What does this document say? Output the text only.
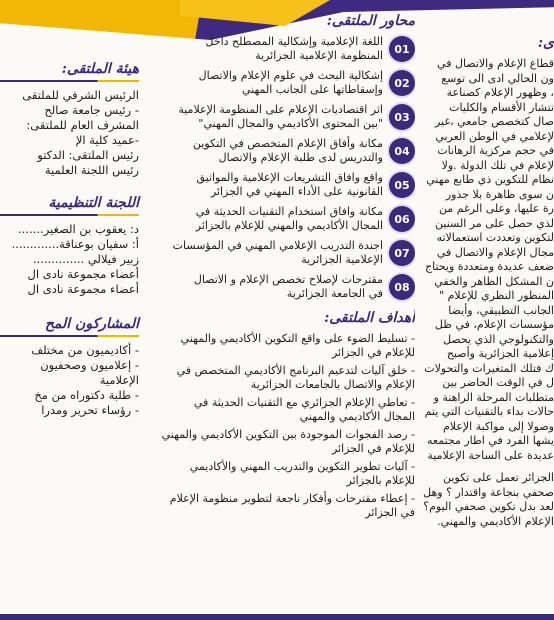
هيئة الملتقى:
الرئيس الشرفي للملتقى
- رئيس جامعة صالح
المشرف العام للملتقى:
-عميد كلية الإ
رئيس الملتقى: الدكتو
رئيس اللجنة العلمية
اللجنة التنظيمية
د: يعقوب بن الصغير.......
أ: سفيان بوعناقة.............
زبير فيلالي ..............
أعضاء مجموعة نادى ال
أعضاء مجموعة نادى ال
المشاركون المح
- أكاديميون من مختلف
- إعلاميون وصحفيون
الإعلامية
- طلبة دكتوراه من مخ
- رؤساء تحرير ومدرا
محاور الملتقى:
01
اللغة الإعلامية وإشكالية المصطلح داخل
المنظومة الإعلامية الجزائرية
02
إشكالية البحث في علوم الإعلام والاتصال
وإسقاطاتها على الجانب المهني
03
اثر اقتصاديات الإعلام على المنظومة الإعلامية
"بين المحتوى الأكاديمي والمجال المهني"
04
مكانة وأفاق الإعلام المتخصص في التكوين
والتدريس لدى طلبة الإعلام والاتصال
05
واقع وافاق التشريعات الإعلامية والمواثيق
القانونية على الأداء المهني في الجزائر
06
مكانة وافاق استخدام التقنيات الحديثة في
المجال الأكاديمي والمهني للإعلام بالجزائر
07
اجندة التدريب الإعلامي المهني في المؤسسات
الإعلامية الجزائرية
08
مقترحات لإصلاح تخصص الإعلام و الاتصال
في الجامعة الجزائرية
أهداف الملتقى:
- تسليط الضوء على واقع التكوين الأكاديمي والمهني
للإعلام في الجزائر
- خلق آليات لتدعيم البرنامج الأكاديمي المتخصص في
الإعلام والاتصال بالجامعات الجزائرية
- تعاطي الإعلام الجزائري مع التقنيات الحديثة في
المجال الأكاديمي والمهني
- رصد الفجوات الموجودة بين التكوين الأكاديمي والمهني
للإعلام في الجزائر
- آليات تطوير التكوين والتدريب المهني والأكاديمي
للإعلام بالجزائر
- إعطاء مقترحات وأفكار ناجعة لتطوير منظومة الإعلام
في الجزائر
ى:
قطاع الإعلام والاتصال في
ون الحالي ادى الى توسع
، وظهور الإعلام كصناعة
نتشار الأقسام والكليات
صال كتخصص جامعي ،غير
لإعلامي في الوطن العربي
في حجم مركزية الرهانات
لإعلام في تلك الدولة .ولا
نظام للتكوين ذي طابع مهني
ن سوى ظاهرة بلا جذور
رة عليها، وعلى الرغم من
لذي حصل على مر السنين
لتكوين وتعددت استعمالاته
مجال الإعلام والاتصال في
ضعف عديدة ومتعددة ويحتاج
ن المشكل الظاهر والخفي
المنظور النظري للإعلام "
الجانب التطبيقي، وأيضا
مؤسسات الإعلام، في ظل
والتكنولوجي الذي يحصل
إعلامية الجزائرية وأصبح
ك فتلك المتغيرات والتحولات
ل في الوقت الحاضر بين
متطلبات المرحلة الراهنة و
حالات بداء بالتقنيات التي يتم
وصولا إلى مواكبة الإعلام
يشها الفرد في اطار مجتمعه
عديدة على الساحة الإعلامية
الجزائر تعمل على تكوين
صحفي بنجاعة واقتدار ؟ وهل
لعد بدل تكوين صحفي اليوم؟
الإعلام الأكاديمي والمهني.
